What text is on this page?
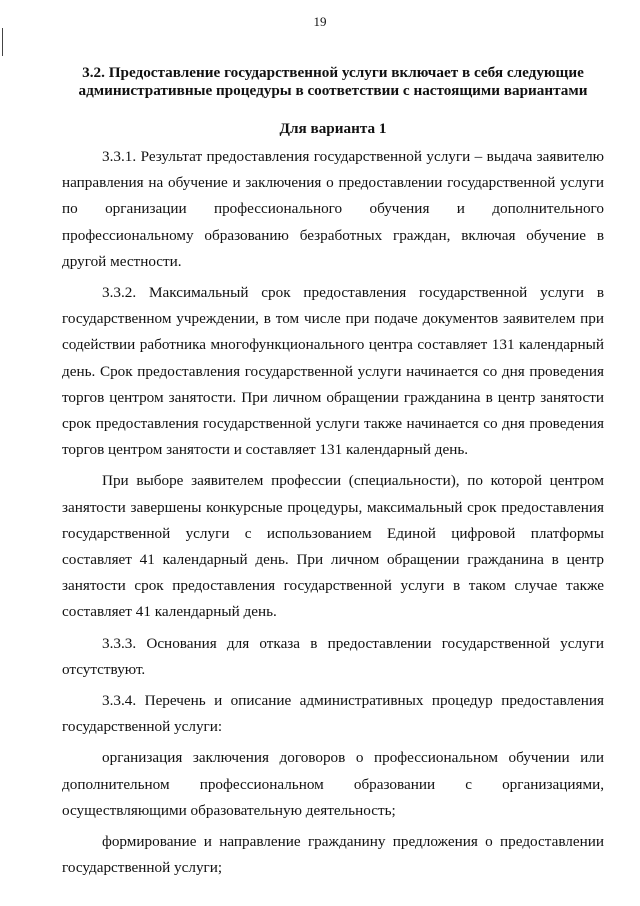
19
3.2. Предоставление государственной услуги включает в себя следующие
административные процедуры в соответствии с настоящими вариантами
Для варианта 1

3.3.1. Результат предоставления государственной услуги – выдача заявителю направления на обучение и заключения о предоставлении государственной услуги по организации профессионального обучения и дополнительного профессиональному образованию безработных граждан, включая обучение в другой местности.

3.3.2. Максимальный срок предоставления государственной услуги в государственном учреждении, в том числе при подаче документов заявителем при содействии работника многофункционального центра составляет 131 календарный день. Срок предоставления государственной услуги начинается со дня проведения торгов центром занятости. При личном обращении гражданина в центр занятости срок предоставления государственной услуги также начинается со дня проведения торгов центром занятости и составляет 131 календарный день.

При выборе заявителем профессии (специальности), по которой центром занятости завершены конкурсные процедуры, максимальный срок предоставления государственной услуги с использованием Единой цифровой платформы составляет 41 календарный день. При личном обращении гражданина в центр занятости срок предоставления государственной услуги в таком случае также составляет 41 календарный день.

3.3.3. Основания для отказа в предоставлении государственной услуги отсутствуют.

3.3.4. Перечень и описание административных процедур предоставления государственной услуги:

организация заключения договоров о профессиональном обучении или дополнительном профессиональном образовании с организациями, осуществляющими образовательную деятельность;

формирование и направление гражданину предложения о предоставлении государственной услуги;
